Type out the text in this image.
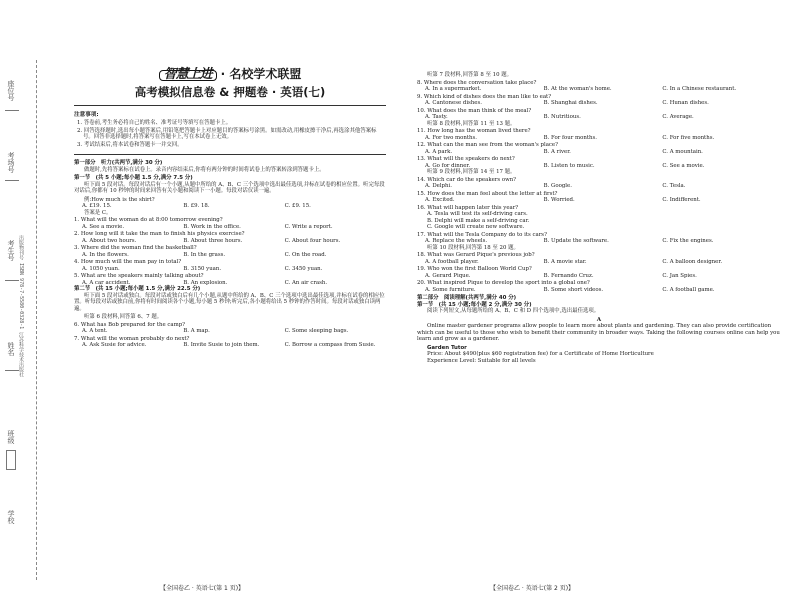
座位号
考场号
考生号 出版物刊号 ISBN 978-7-5580-0328-1 江苏科学技术出版社
姓名
班级
学校
智慧上进 · 名校学术联盟
高考模拟信息卷 & 押题卷 · 英语(七)
注意事项:
1. 答卷前,考生务必将自己的姓名、准考证号等填写在答题卡上。
2. 回答选择题时,选出每小题答案后,用铅笔把答题卡上对应题目的答案标号涂黑。如需改动,用橡皮擦干净后,再选涂其他答案标号。回答非选择题时,将答案写在答题卡上,写在本试卷上无效。
3. 考试结束后,将本试卷和答题卡一并交回。
第一部分　听力(共两节,满分 30 分)
做题时,先将答案标在试卷上。录音内容结束后,你将有两分钟的时间将试卷上的答案转涂到答题卡上。
第一节　(共 5 小题;每小题 1.5 分,满分 7.5 分)
听下面 5 段对话。每段对话后有一个小题,从题中所给的 A、B、C 三个选项中选出最佳选项,并标在试卷的相应位置。听完每段对话后,你都有 10 秒钟的时间来回答有关小题和阅读下一小题。每段对话仅读一遍。
例:How much is the shirt?
A. £19. 15.	B. £9. 18.	C. £9. 15.
答案是 C。
1. What will the woman do at 8:00 tomorrow evening?
A. See a movie.	B. Work in the office.	C. Write a report.
2. How long will it take the man to finish his physics exercise?
A. About two hours.	B. About three hours.	C. About four hours.
3. Where did the woman find the basketball?
A. In the flowers.	B. In the grass.	C. On the road.
4. How much will the man pay in total?
A. 1050 yuan.	B. 3150 yuan.	C. 3450 yuan.
5. What are the speakers mainly talking about?
A. A car accident.	B. An explosion.	C. An air crash.
第二节　(共 15 小题;每小题 1.5 分,满分 22.5 分)
听下面 5 段对话或独白。每段对话或独白后有几个小题,从题中所给的 A、B、C 三个选项中选出最佳选项,并标在试卷的相应位置。听每段对话或独白前,你将有时间阅读各个小题,每小题 5 秒钟;听完后,各小题将给出 5 秒钟的作答时间。每段对话或独白读两遍。
听第 6 段材料,回答第 6、7 题。
6. What has Bob prepared for the camp?
A. A tent.	B. A map.	C. Some sleeping bags.
7. What will the woman probably do next?
A. Ask Susie for advice.	B. Invite Susie to join them.	C. Borrow a compass from Susie.
【全国卷乙 · 英语七(第 1 页)】
听第 7 段材料,回答第 8 至 10 题。
8. Where does the conversation take place?
A. In a supermarket.	B. At the woman's home.	C. In a Chinese restaurant.
9. Which kind of dishes does the man like to eat?
A. Cantonese dishes.	B. Shanghai dishes.	C. Hunan dishes.
10. What does the man think of the meal?
A. Tasty.	B. Nutritious.	C. Average.
听第 8 段材料,回答第 11 至 13 题。
11. How long has the woman lived there?
A. For two months.	B. For four months.	C. For five months.
12. What can the man see from the woman's place?
A. A park.	B. A river.	C. A mountain.
13. What will the speakers do next?
A. Go for dinner.	B. Listen to music.	C. See a movie.
听第 9 段材料,回答第 14 至 17 题。
14. Which car do the speakers own?
A. Delphi.	B. Google.	C. Tesla.
15. How does the man feel about the letter at first?
A. Excited.	B. Worried.	C. Indifferent.
16. What will happen later this year?
A. Tesla will test its self-driving cars.
B. Delphi will make a self-driving car.
C. Google will create new software.
17. What will the Tesla Company do to its cars?
A. Replace the wheels.	B. Update the software.	C. Fix the engines.
听第 10 段材料,回答第 18 至 20 题。
18. What was Gerard Pique's previous job?
A. A football player.	B. A movie star.	C. A balloon designer.
19. Who won the first Balloon World Cup?
A. Gerard Pique.	B. Fernando Cruz.	C. Jan Spies.
20. What inspired Pique to develop the sport into a global one?
A. Some furniture.	B. Some short videos.	C. A football game.
第二部分　阅读理解(共两节,满分 40 分)
第一节　(共 15 小题;每小题 2 分,满分 30 分)
阅读下列短文,从每题所给的 A、B、C 和 D 四个选项中,选出最佳选项。
A
Online master gardener programs allow people to learn more about plants and gardening. They can also provide certification which can be useful to those who wish to benefit their community in broader ways. Taking the following courses online can help you learn and grow as a gardener.
Garden Tutor
Price: About $490(plus $60 registration fee) for a Certificate of Home Horticulture
Experience Level: Suitable for all levels
【全国卷乙 · 英语七(第 2 页)】
